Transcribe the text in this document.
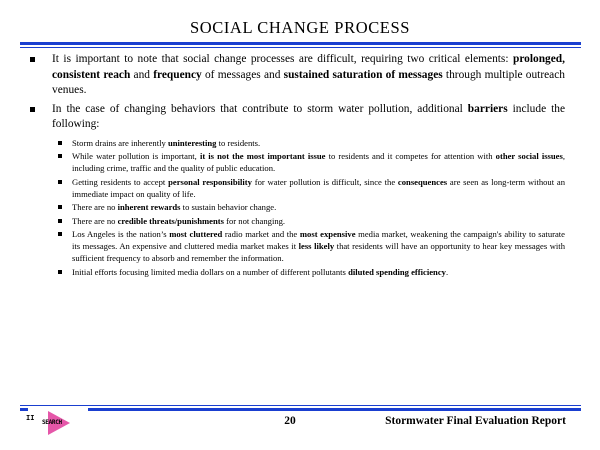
SOCIAL CHANGE PROCESS
It is important to note that social change processes are difficult, requiring two critical elements: prolonged, consistent reach and frequency of messages and sustained saturation of messages through multiple outreach venues.
In the case of changing behaviors that contribute to storm water pollution, additional barriers include the following:
Storm drains are inherently uninteresting to residents.
While water pollution is important, it is not the most important issue to residents and it competes for attention with other social issues, including crime, traffic and the quality of public education.
Getting residents to accept personal responsibility for water pollution is difficult, since the consequences are seen as long-term without an immediate impact on quality of life.
There are no inherent rewards to sustain behavior change.
There are no credible threats/punishments for not changing.
Los Angeles is the nation’s most cluttered radio market and the most expensive media market, weakening the campaign's ability to saturate its messages. An expensive and cluttered media market makes it less likely that residents will have an opportunity to hear key messages with sufficient frequency to absorb and remember the information.
Initial efforts focusing limited media dollars on a number of different pollutants diluted spending efficiency.
II
SEARCH	20	Stormwater Final Evaluation Report
